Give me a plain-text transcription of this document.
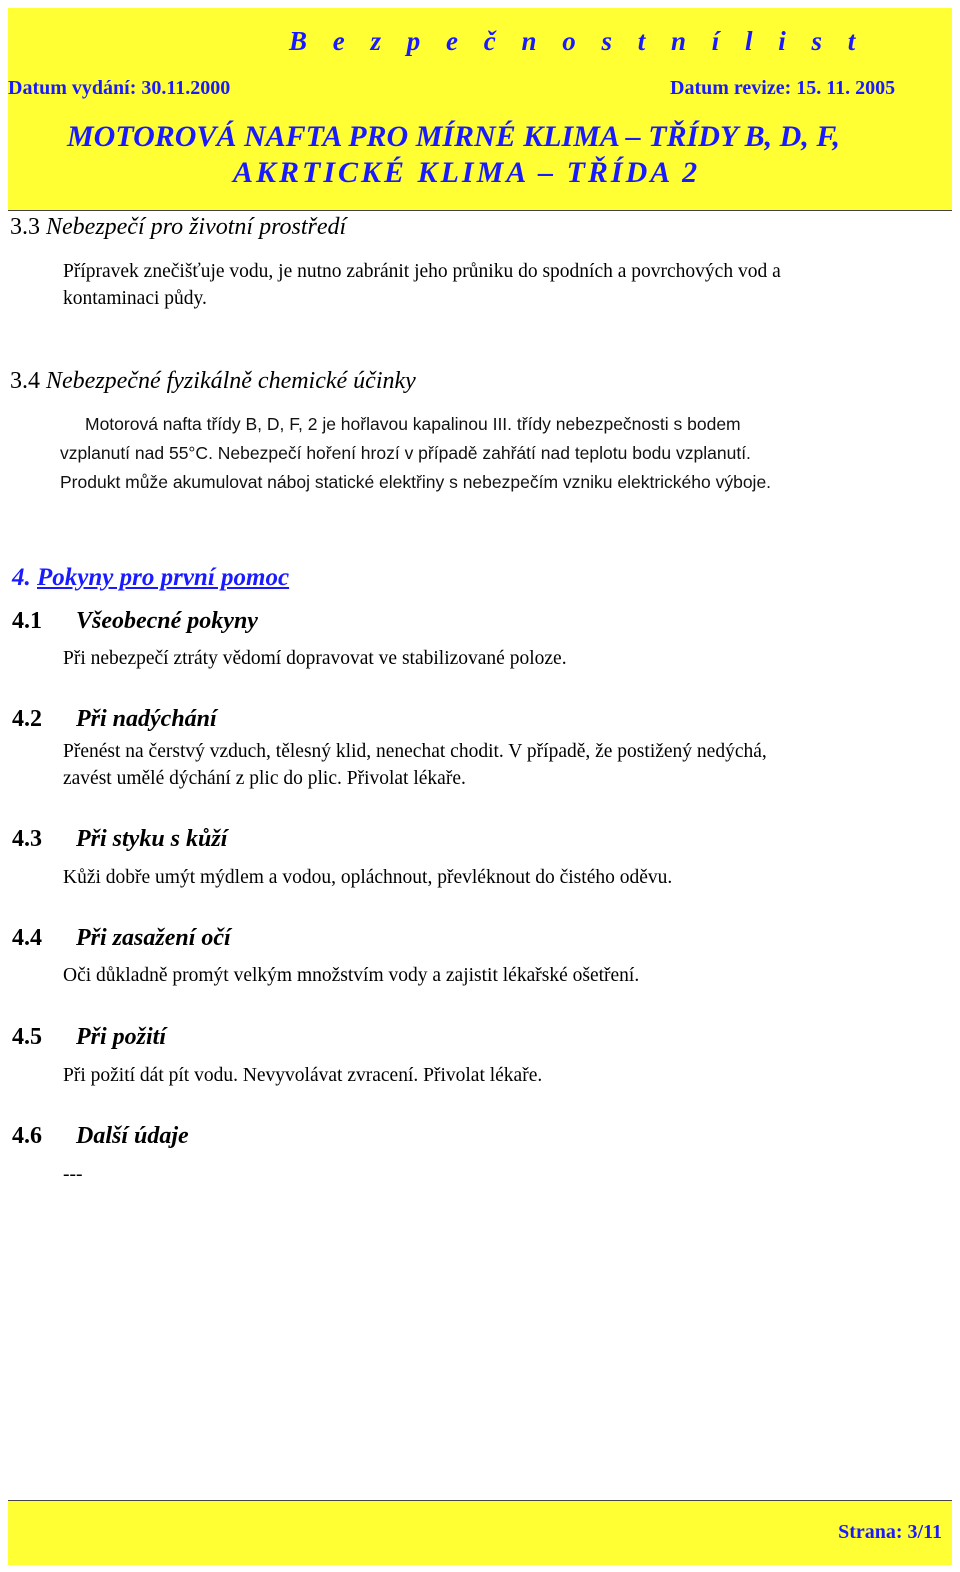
B e z p e č n o s t n í l i s t
Datum vydání: 30.11.2000	Datum revize: 15. 11. 2005
MOTOROVÁ NAFTA PRO MÍRNÉ KLIMA – TŘÍDY B, D, F,
AKRTICKÉ KLIMA – TŘÍDA 2
3.3 Nebezpečí pro životní prostředí
Přípravek znečišťuje vodu, je nutno zabránit jeho průniku do spodních a povrchových vod a
kontaminaci půdy.
3.4 Nebezpečné fyzikálně chemické účinky
Motorová nafta třídy B, D, F, 2 je hořlavou kapalinou III. třídy nebezpečnosti s bodem
vzplanutí nad 55°C. Nebezpečí hoření hrozí v případě zahřátí nad teplotu bodu vzplanutí.
Produkt může akumulovat náboj statické elektřiny s nebezpečím vzniku elektrického výboje.
4. Pokyny pro první pomoc
4.1 Všeobecné pokyny
Při nebezpečí ztráty vědomí dopravovat ve stabilizované poloze.
4.2 Při nadýchání
Přenést na čerstvý vzduch, tělesný klid, nenechat chodit. V případě, že postižený nedýchá,
zavést umělé dýchání z plic do plic. Přivolat lékaře.
4.3 Při styku s kůží
Kůži dobře umýt mýdlem a vodou, opláchnout, převléknout do čistého oděvu.
4.4 Při zasažení očí
Oči důkladně promýt velkým množstvím vody a zajistit lékařské ošetření.
4.5 Při požití
Při požití dát pít vodu. Nevyvolávat zvracení. Přivolat lékaře.
4.6 Další údaje
---
Strana: 3/11
